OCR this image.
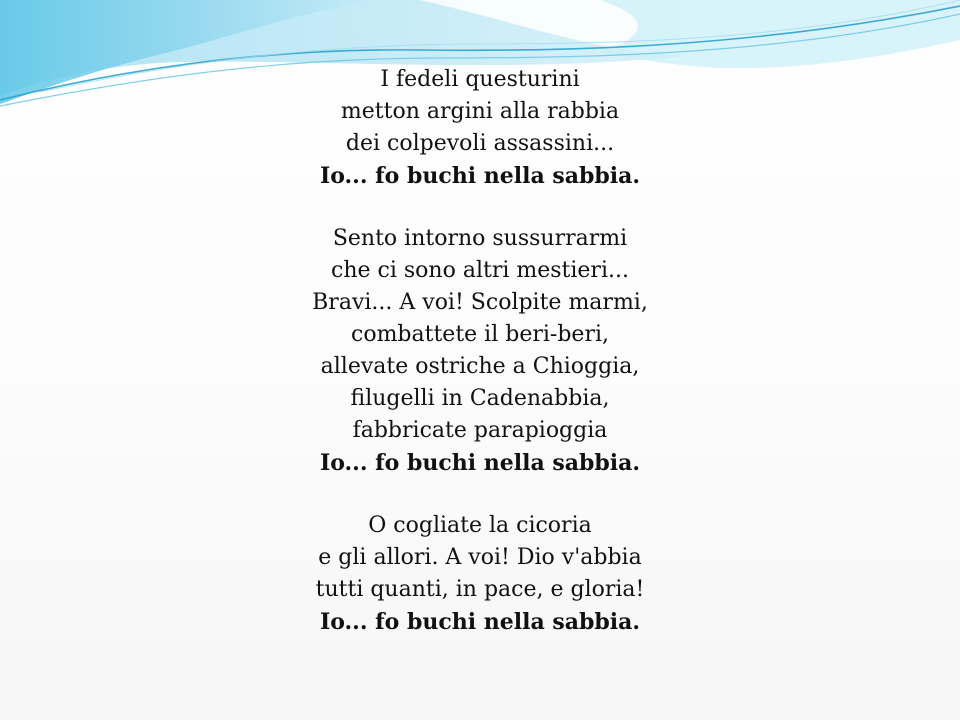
I fedeli questurini
metton argini alla rabbia
dei colpevoli assassini...
Io... fo buchi nella sabbia.
Sento intorno sussurrarmi
che ci sono altri mestieri...
Bravi... A voi! Scolpite marmi,
combattete il beri-beri,
allevate ostriche a Chioggia,
filugelli in Cadenabbia,
fabbricate parapioggia
Io... fo buchi nella sabbia.
O cogliate la cicoria
e gli allori. A voi! Dio v'abbia
tutti quanti, in pace, e gloria!
Io... fo buchi nella sabbia.
